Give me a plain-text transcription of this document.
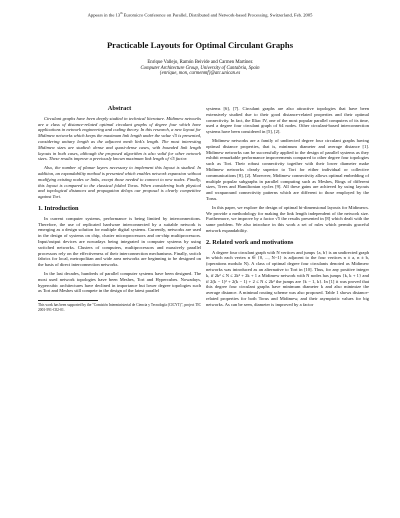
Appears in the 13th Euromicro Conference on Parallel, Distributed and Network-based Processing. Switzerland, Feb. 2005
Practicable Layouts for Optimal Circulant Graphs
Enrique Vallejo, Ramón Beivide and Carmen Martínez
Computer Architecture Group, University of Cantabria, Spain
{enrique, mon, carmenmf}@atc.unican.es
Abstract

Circulant graphs have been deeply studied in technical literature. Midimew networks are a class of distance-related optimal circulant graphs of degree four which have applications in network engineering and coding theory. In this research, a new layout for Midimew networks which keeps the maximum link length under the value √5 is presented, considering unitary length as the adjacent mesh link's length. The most interesting Midimew sizes are studied: dense and quasi-dense cases, with bounded link length layouts in both cases, although the proposed algorithm is also valid for other network sizes. These results improve a previously known maximum link length of √5 factor.

Also, the number of planar layers necessary to implement this layout is studied. In addition, an expandability method is presented which enables network expansion without modifying existing nodes or links, except those needed to connect to new nodes. Finally, this layout is compared to the classical folded Torus. When considering both physical and topological distances and propagation delays our proposal is clearly competitive against Tori.

1. Introduction

In current computer systems, performance is being limited by interconnections. Therefore, the use of replicated hardware interconnected by a suitable network is emerging as a design solution for multiple digital systems. Currently, networks are used in the design of systems on chip, cluster microprocessors and on-chip multiprocessors. Input/output devices are nowadays being integrated in computer systems by using switched networks. Clusters of computers, multiprocessors and massively parallel processors rely on the effectiveness of their interconnection mechanisms. Finally, switch fabrics for local, metropolitan and wide area networks are beginning to be designed on the basis of direct interconnection networks.

In the last decades, hundreds of parallel computer systems have been designed. The most used network topologies have been Meshes, Tori and Hypercubes. Nowadays, hypercubic architectures have declined in importance but lower degree topologies such as Tori and Meshes still compete in the design of the latest parallel

This work has been supported by the "Comisión Interministerial de Ciencia y Tecnología (CICYT)", project TIC 2001-591-C02-01.

systems [6], [7]. Circulant graphs are also attractive topologies that have been extensively studied due to their good distance-related properties and their optimal connectivity. In fact, the Illiac IV, one of the most popular parallel computers of its time, used a degree four circulant graph of 64 nodes. Other circulant-based interconnection systems have been considered in [5], [2].

Midimew networks are a family of undirected degree four circulant graphs having optimal distance properties, that is, minimum diameter and average distance [1]. Midimew networks can be successfully applied to the design of parallel systems as they exhibit remarkable performance improvements compared to other degree four topologies such as Tori. Their robust connectivity together with their lower diameter make Midimew networks clearly superior to Tori for either individual or collective communications [8], [2]. Moreover, Midimew connectivity allows optimal embedding of multiple popular subgraphs in parallel computing such as Meshes, Rings of different sizes, Trees and Hamiltonian cycles [9]. All these gains are achieved by using layouts and wraparound connectivity patterns which are different to those employed by the Torus.

In this paper, we explore the design of optimal bi-dimensional layouts for Midimews. We provide a methodology for making the link length independent of the network size. Furthermore, we improve by a factor √5 the results presented in [8] which dealt with the same problem. We also introduce in this work a set of rules which permits graceful network expandability.

2. Related work and motivations

A degree four circulant graph with N vertices and jumps {a, b} is an undirected graph in which each vertex n ∈ {0, ..., N−1} is adjacent to the four vertices n ± a, n ± b, (operations modulo N). A class of optimal degree four circulants denoted as Midimew networks was introduced as an alternative to Tori in [10]. Thus, for any positive integer k, if 2k² ≤ N ≤ 2k² + 2k + 1 a Midimew network with N nodes has jumps {k, k + 1} and if 2(k − 1)² + 2(k − 1) + 2 ≤ N ≤ 2k² the jumps are {k − 1, k}. In [1] it was proved that this degree four circulant graphs have minimum diameter k and also minimize the average distance. A minimal routing scheme was also proposed. Table 1 shows distance-related properties for both Torus and Midimew, and their asymptotic values for big networks. As can be seen, diameter is improved by a factor
